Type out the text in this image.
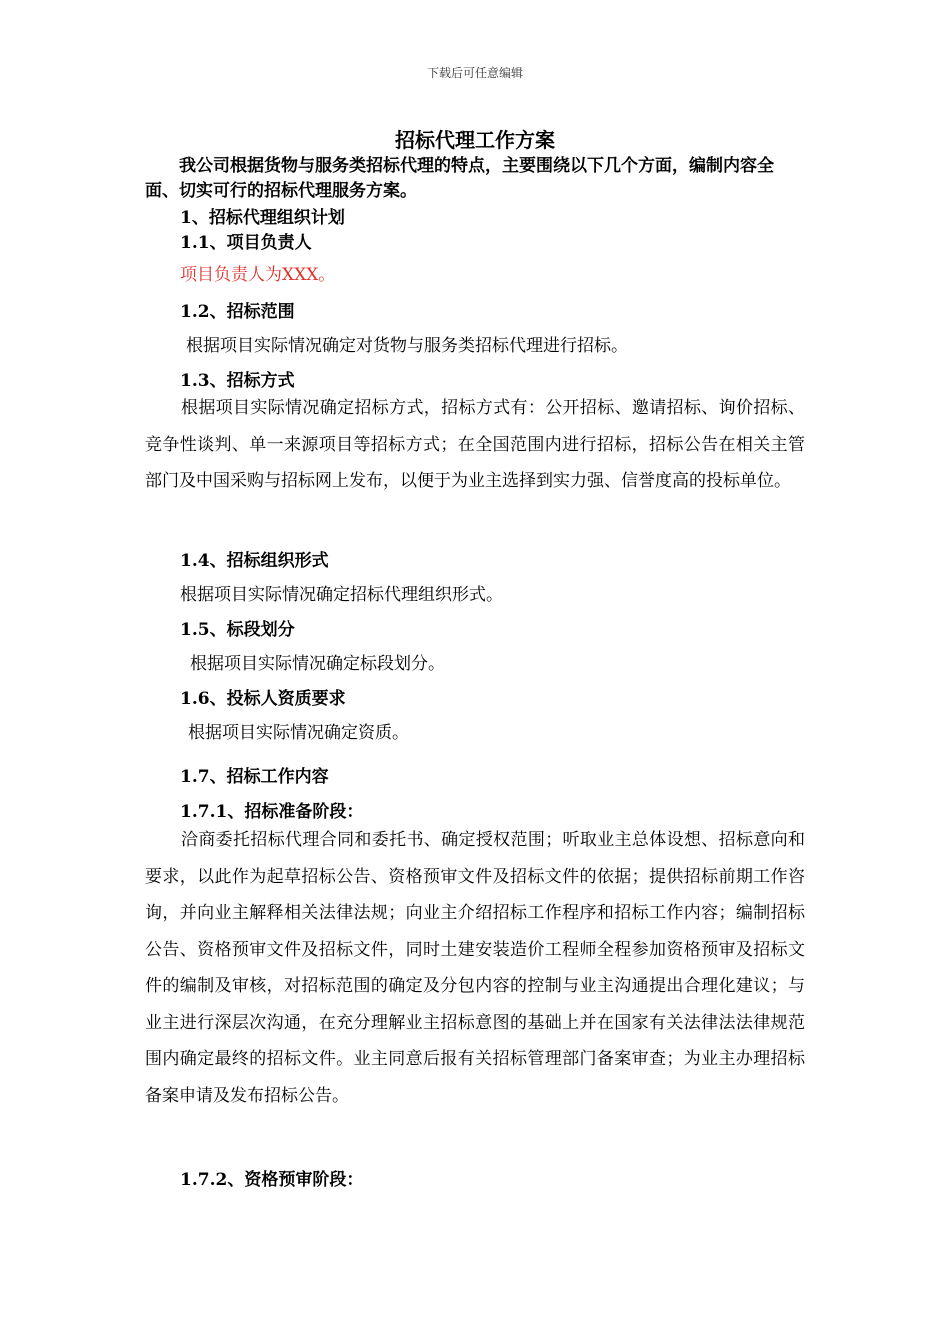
下载后可任意编辑
招标代理工作方案

我公司根据货物与服务类招标代理的特点，主要围绕以下几个方面，编制内容全面、切实可行的招标代理服务方案。

1、招标代理组织计划

1.1、项目负责人

项目负责人为XXX。

1.2、招标范围

根据项目实际情况确定对货物与服务类招标代理进行招标。

1.3、招标方式

根据项目实际情况确定招标方式，招标方式有：公开招标、邀请招标、询价招标、竞争性谈判、单一来源项目等招标方式；在全国范围内进行招标，招标公告在相关主管部门及中国采购与招标网上发布，以便于为业主选择到实力强、信誉度高的投标单位。

1.4、招标组织形式

根据项目实际情况确定招标代理组织形式。

1.5、标段划分

根据项目实际情况确定标段划分。

1.6、投标人资质要求

根据项目实际情况确定资质。

1.7、招标工作内容

1.7.1、招标准备阶段：

洽商委托招标代理合同和委托书、确定授权范围；听取业主总体设想、招标意向和要求，以此作为起草招标公告、资格预审文件及招标文件的依据；提供招标前期工作咨询，并向业主解释相关法律法规；向业主介绍招标工作程序和招标工作内容；编制招标公告、资格预审文件及招标文件，同时土建安装造价工程师全程参加资格预审及招标文件的编制及审核，对招标范围的确定及分包内容的控制与业主沟通提出合理化建议；与业主进行深层次沟通，在充分理解业主招标意图的基础上并在国家有关法律法法律规范围内确定最终的招标文件。业主同意后报有关招标管理部门备案审查；为业主办理招标备案申请及发布招标公告。

1.7.2、资格预审阶段：
